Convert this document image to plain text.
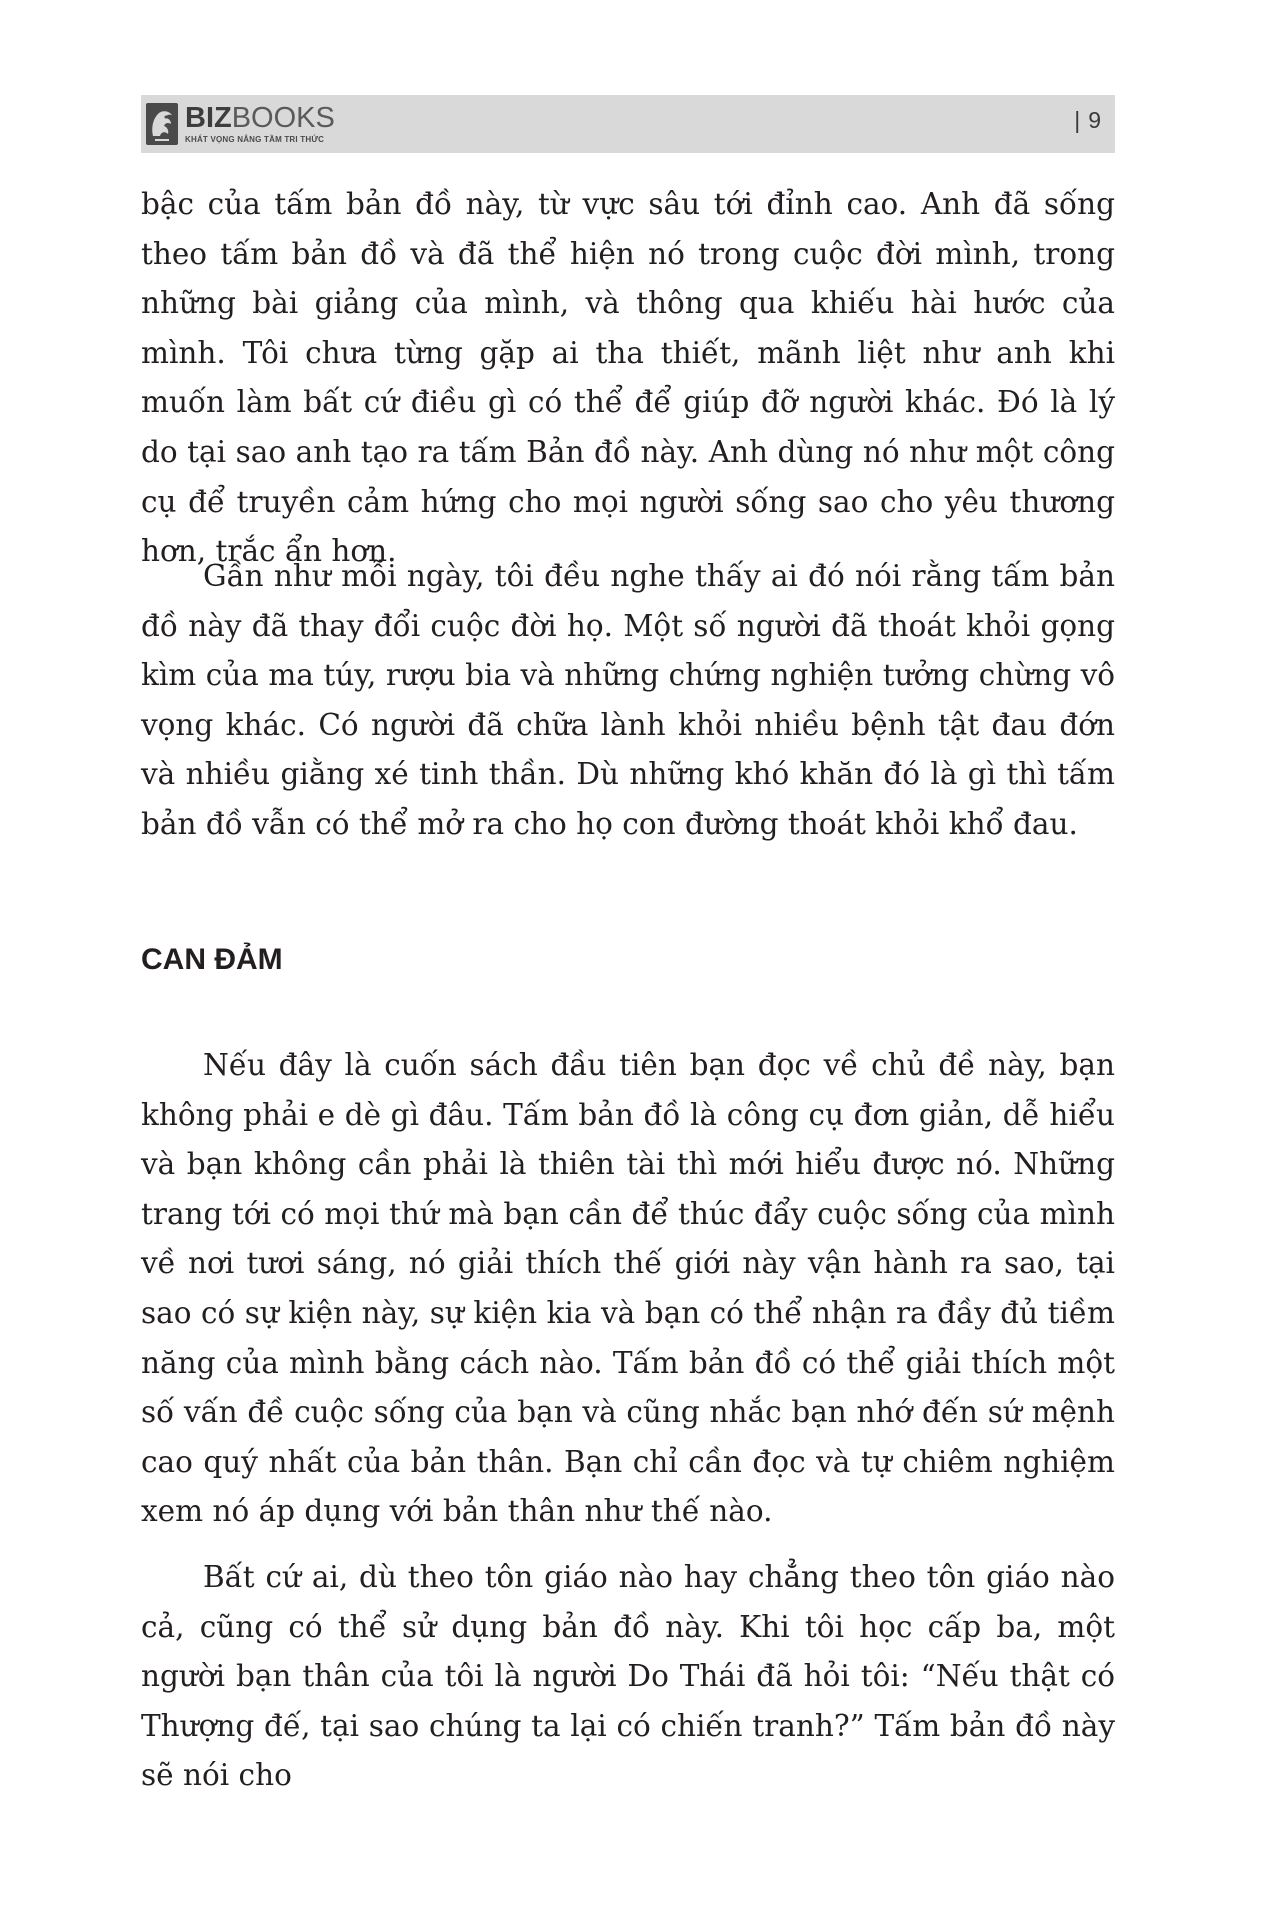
BIZBOOKS
KHÁT VỌNG NÂNG TẦM TRI THỨC
| 9

bậc của tấm bản đồ này, từ vực sâu tới đỉnh cao. Anh đã sống theo tấm bản đồ và đã thể hiện nó trong cuộc đời mình, trong những bài giảng của mình, và thông qua khiếu hài hước của mình. Tôi chưa từng gặp ai tha thiết, mãnh liệt như anh khi muốn làm bất cứ điều gì có thể để giúp đỡ người khác. Đó là lý do tại sao anh tạo ra tấm Bản đồ này. Anh dùng nó như một công cụ để truyền cảm hứng cho mọi người sống sao cho yêu thương hơn, trắc ẩn hơn.

Gần như mỗi ngày, tôi đều nghe thấy ai đó nói rằng tấm bản đồ này đã thay đổi cuộc đời họ. Một số người đã thoát khỏi gọng kìm của ma túy, rượu bia và những chứng nghiện tưởng chừng vô vọng khác. Có người đã chữa lành khỏi nhiều bệnh tật đau đớn và nhiều giằng xé tinh thần. Dù những khó khăn đó là gì thì tấm bản đồ vẫn có thể mở ra cho họ con đường thoát khỏi khổ đau.

CAN ĐẢM

Nếu đây là cuốn sách đầu tiên bạn đọc về chủ đề này, bạn không phải e dè gì đâu. Tấm bản đồ là công cụ đơn giản, dễ hiểu và bạn không cần phải là thiên tài thì mới hiểu được nó. Những trang tới có mọi thứ mà bạn cần để thúc đẩy cuộc sống của mình về nơi tươi sáng, nó giải thích thế giới này vận hành ra sao, tại sao có sự kiện này, sự kiện kia và bạn có thể nhận ra đầy đủ tiềm năng của mình bằng cách nào. Tấm bản đồ có thể giải thích một số vấn đề cuộc sống của bạn và cũng nhắc bạn nhớ đến sứ mệnh cao quý nhất của bản thân. Bạn chỉ cần đọc và tự chiêm nghiệm xem nó áp dụng với bản thân như thế nào.

Bất cứ ai, dù theo tôn giáo nào hay chẳng theo tôn giáo nào cả, cũng có thể sử dụng bản đồ này. Khi tôi học cấp ba, một người bạn thân của tôi là người Do Thái đã hỏi tôi: “Nếu thật có Thượng đế, tại sao chúng ta lại có chiến tranh?” Tấm bản đồ này sẽ nói cho
